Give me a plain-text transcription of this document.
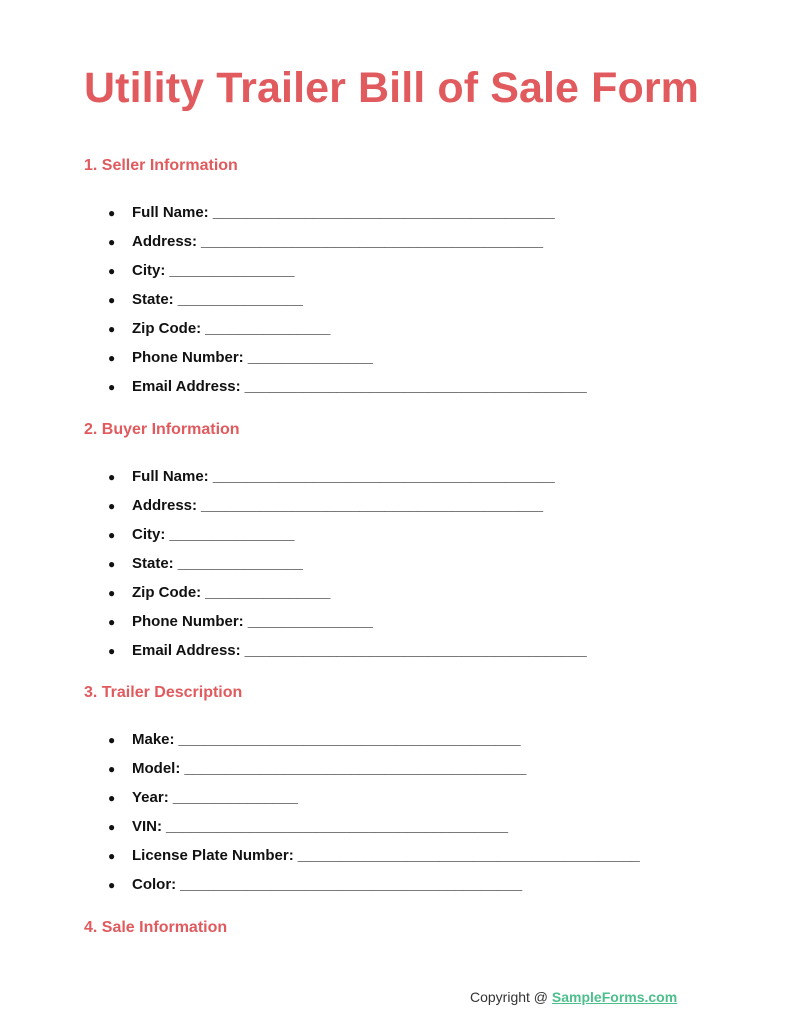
Utility Trailer Bill of Sale Form
1. Seller Information
● Full Name: _________________________________________
● Address: _________________________________________
● City: _______________
● State: _______________
● Zip Code: _______________
● Phone Number: _______________
● Email Address: _________________________________________
2. Buyer Information
● Full Name: _________________________________________
● Address: _________________________________________
● City: _______________
● State: _______________
● Zip Code: _______________
● Phone Number: _______________
● Email Address: _________________________________________
3. Trailer Description
● Make: _________________________________________
● Model: _________________________________________
● Year: _______________
● VIN: _________________________________________
● License Plate Number: _________________________________________
● Color: _________________________________________
4. Sale Information
Copyright @ SampleForms.com
